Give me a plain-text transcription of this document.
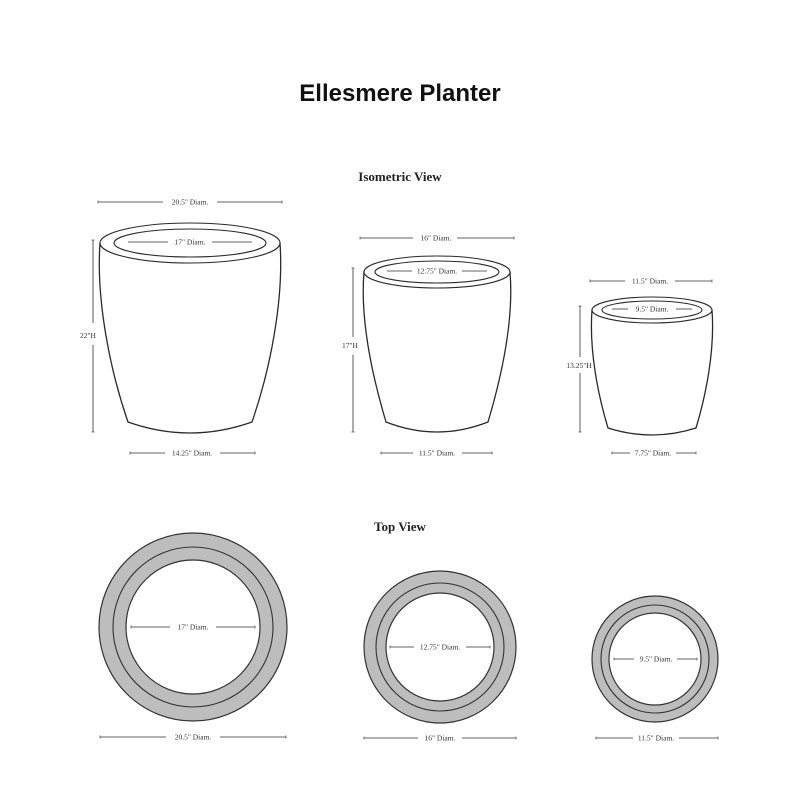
Ellesmere Planter
Isometric View
20.5" Diam.
17" Diam.
22"H
14.25" Diam.
16" Diam.
12.75" Diam.
17"H
11.5" Diam.
11.5" Diam.
9.5" Diam.
13.25"H
7.75" Diam.
Top View
17" Diam.
20.5" Diam.
12.75" Diam.
16" Diam.
9.5" Diam.
11.5" Diam.
